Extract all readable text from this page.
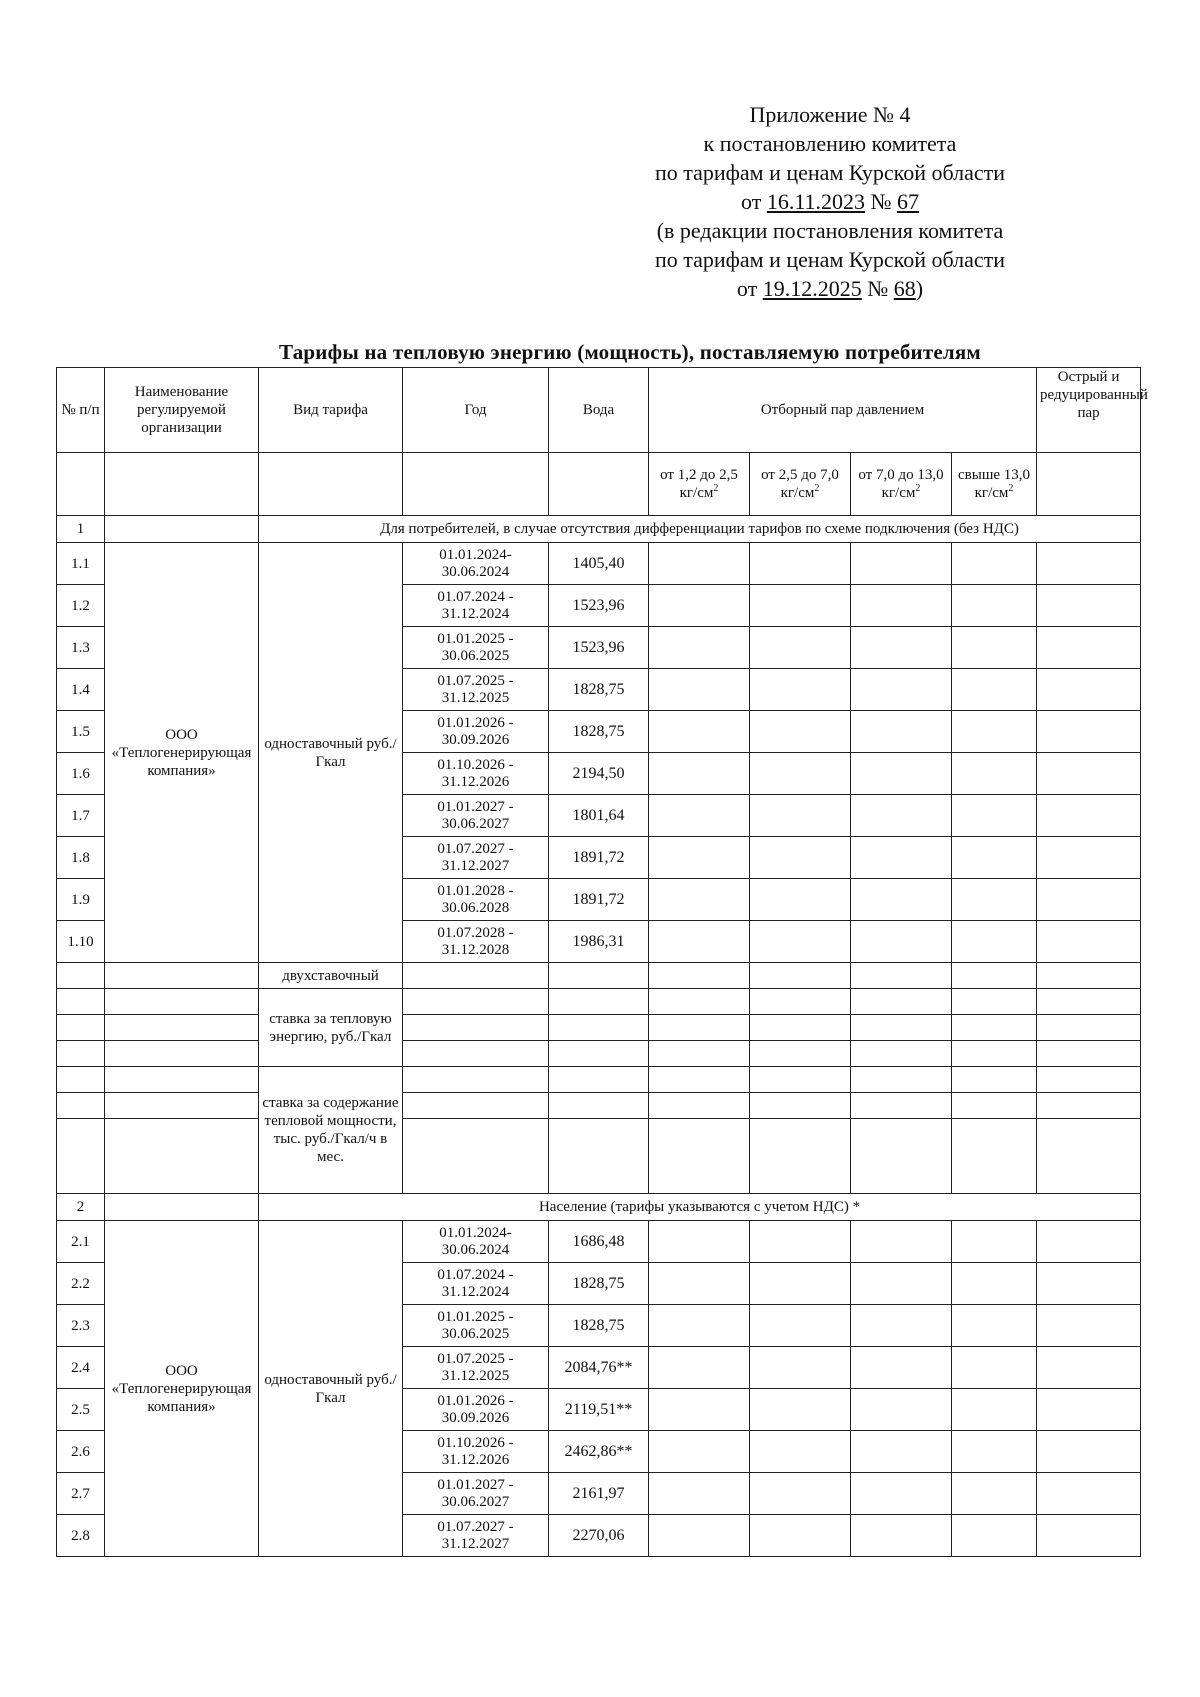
Приложение № 4
к постановлению комитета
по тарифам и ценам Курской области
от 16.11.2023 № 67
(в редакции постановления комитета
по тарифам и ценам Курской области
от 19.12.2025 № 68)
Тарифы на тепловую энергию (мощность), поставляемую потребителям
№ п/п	Наименование регулируемой организации	Вид тарифа	Год	Вода	Отборный пар давлением				Острый и редуцированный пар
					от 1,2 до 2,5 $кг/см^2$	от 2,5 до 7,0 $кг/см^2$	от 7,0 до 13,0 $кг/см^2$	свыше 13,0 $кг/см^2$	
1		Для потребителей, в случае отсутствия дифференциации тарифов по схеме подключения (без НДС)							
1.1	ООО «Теплогенерирующая компания»	одноставочный руб./Гкал	01.01.2024- 30.06.2024	1405,40					
1.2			01.07.2024 - 31.12.2024	1523,96					
1.3			01.01.2025 - 30.06.2025	1523,96					
1.4			01.07.2025 - 31.12.2025	1828,75					
1.5			01.01.2026 - 30.09.2026	1828,75					
1.6			01.10.2026 - 31.12.2026	2194,50					
1.7			01.01.2027 - 30.06.2027	1801,64					
1.8			01.07.2027 - 31.12.2027	1891,72					
1.9			01.01.2028 - 30.06.2028	1891,72					
1.10			01.07.2028 - 31.12.2028	1986,31					
		двухставочный							
		ставка за тепловую энергию, руб./Гкал							

		ставка за содержание тепловой мощности, тыс. руб./Гкал/ч в мес.							

2		Население (тарифы указываются с учетом НДС) *							
2.1	ООО «Теплогенерирующая компания»	одноставочный руб./Гкал	01.01.2024- 30.06.2024	1686,48					
2.2			01.07.2024 - 31.12.2024	1828,75					
2.3			01.01.2025 - 30.06.2025	1828,75					
2.4			01.07.2025 - 31.12.2025	2084,76**					
2.5			01.01.2026 - 30.09.2026	2119,51**					
2.6			01.10.2026 - 31.12.2026	2462,86**					
2.7			01.01.2027 - 30.06.2027	2161,97					
2.8			01.07.2027 - 31.12.2027	2270,06					
